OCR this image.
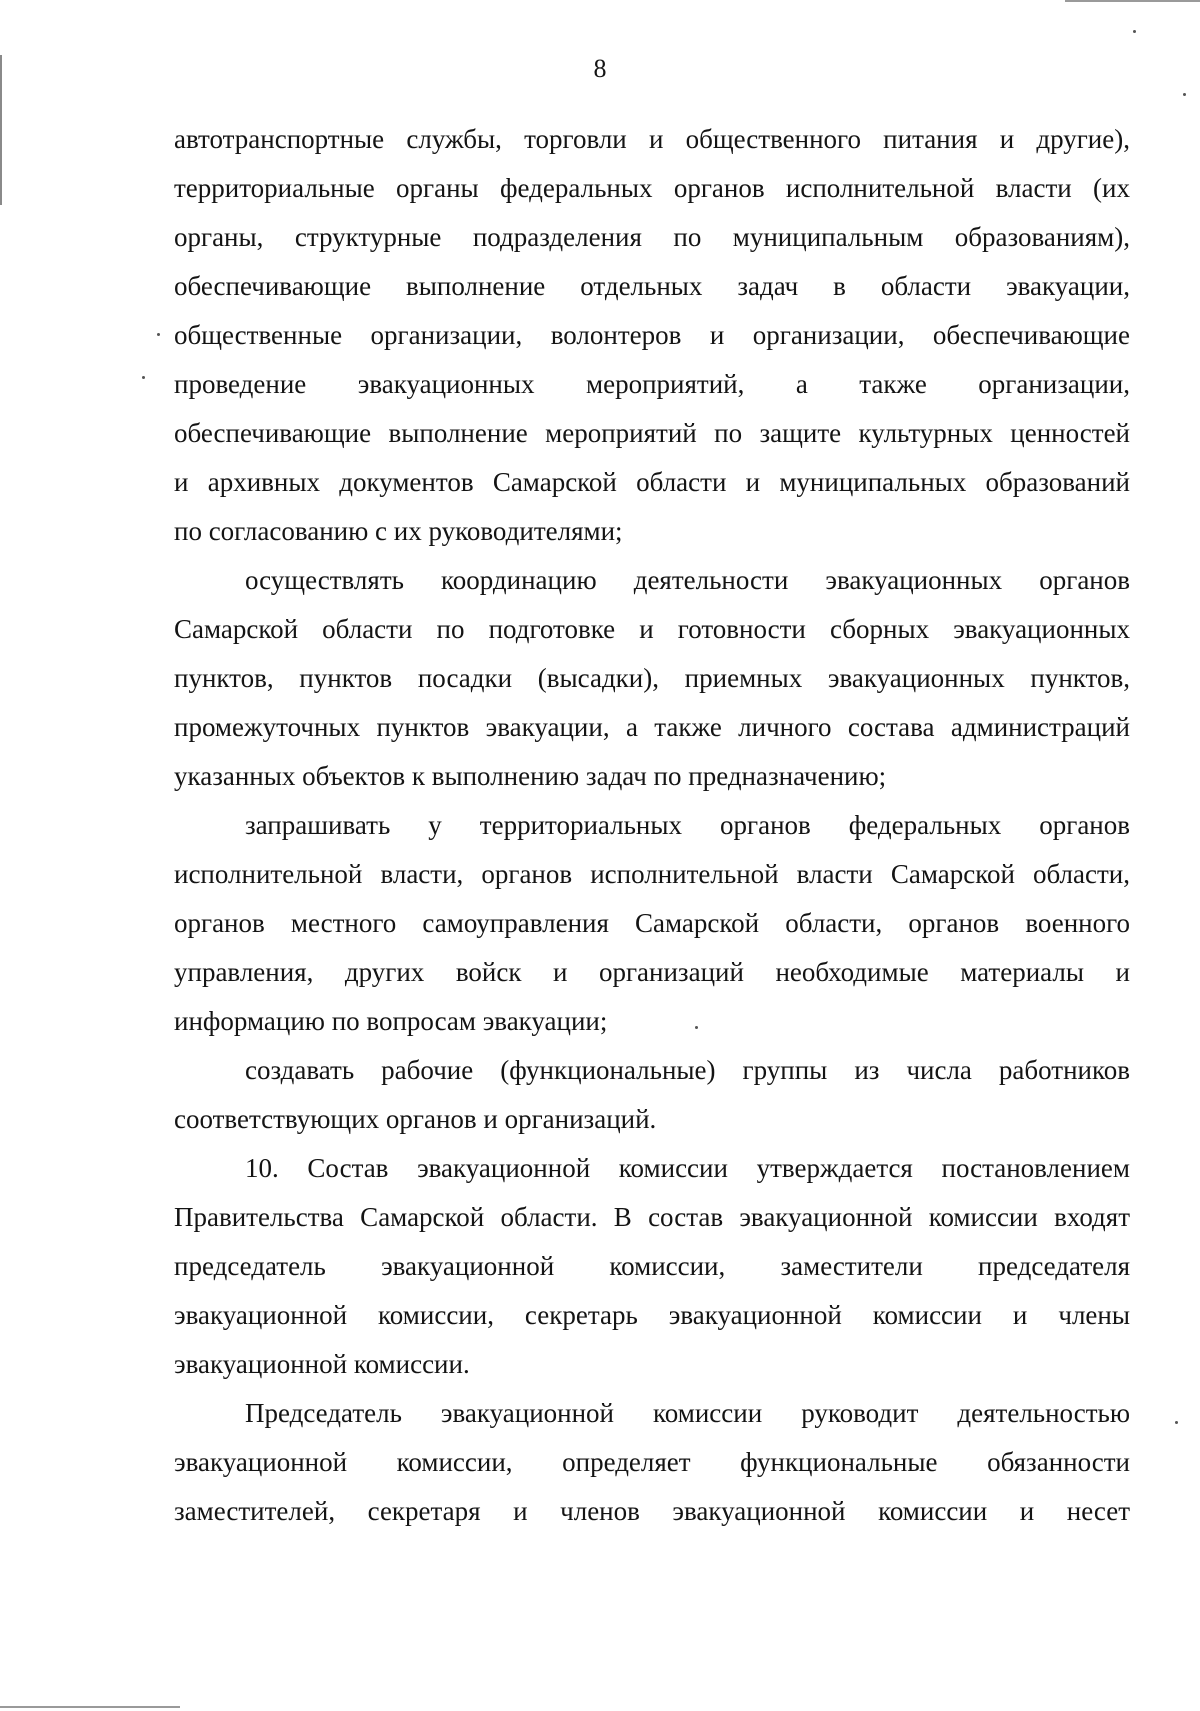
8
автотранспортные службы, торговли и общественного питания и другие),
территориальные органы федеральных органов исполнительной власти (их
органы, структурные подразделения по муниципальным образованиям),
обеспечивающие выполнение отдельных задач в области эвакуации,
общественные организации, волонтеров и организации, обеспечивающие
проведение эвакуационных мероприятий, а также организации,
обеспечивающие выполнение мероприятий по защите культурных ценностей
и архивных документов Самарской области и муниципальных образований
по согласованию с их руководителями;
осуществлять координацию деятельности эвакуационных органов
Самарской области по подготовке и готовности сборных эвакуационных
пунктов, пунктов посадки (высадки), приемных эвакуационных пунктов,
промежуточных пунктов эвакуации, а также личного состава администраций
указанных объектов к выполнению задач по предназначению;
запрашивать у территориальных органов федеральных органов
исполнительной власти, органов исполнительной власти Самарской области,
органов местного самоуправления Самарской области, органов военного
управления, других войск и организаций необходимые материалы и
информацию по вопросам эвакуации;
создавать рабочие (функциональные) группы из числа работников
соответствующих органов и организаций.
10. Состав эвакуационной комиссии утверждается постановлением
Правительства Самарской области. В состав эвакуационной комиссии входят
председатель эвакуационной комиссии, заместители председателя
эвакуационной комиссии, секретарь эвакуационной комиссии и члены
эвакуационной комиссии.
Председатель эвакуационной комиссии руководит деятельностью
эвакуационной комиссии, определяет функциональные обязанности
заместителей, секретаря и членов эвакуационной комиссии и несет
